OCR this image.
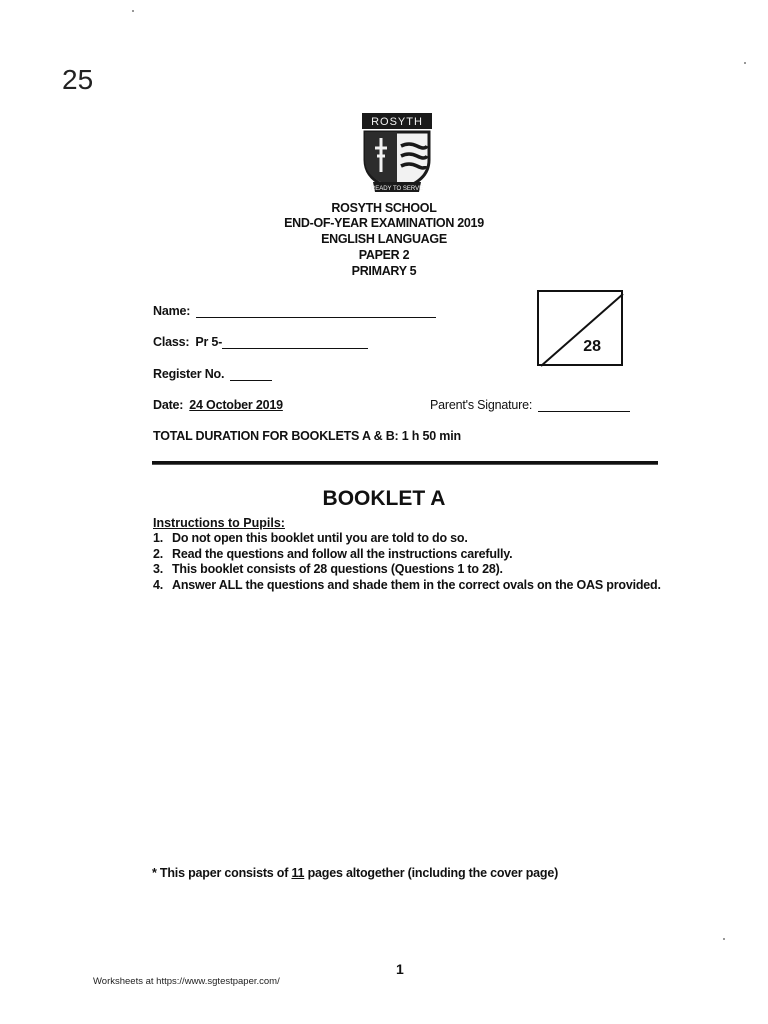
25
ROSYTH
READY TO SERVE
ROSYTH SCHOOL
END-OF-YEAR EXAMINATION 2019
ENGLISH LANGUAGE
PAPER 2
PRIMARY 5
Name:
Class: Pr 5-
Register No.
Date: 24 October 2019	Parent's Signature:
TOTAL DURATION FOR BOOKLETS A & B: 1 h 50 min
28
BOOKLET A
Instructions to Pupils:
1. Do not open this booklet until you are told to do so.
2. Read the questions and follow all the instructions carefully.
3. This booklet consists of 28 questions (Questions 1 to 28).
4. Answer ALL the questions and shade them in the correct ovals on the OAS provided.
* This paper consists of 11 pages altogether (including the cover page)
1
Worksheets at https://www.sgtestpaper.com/
